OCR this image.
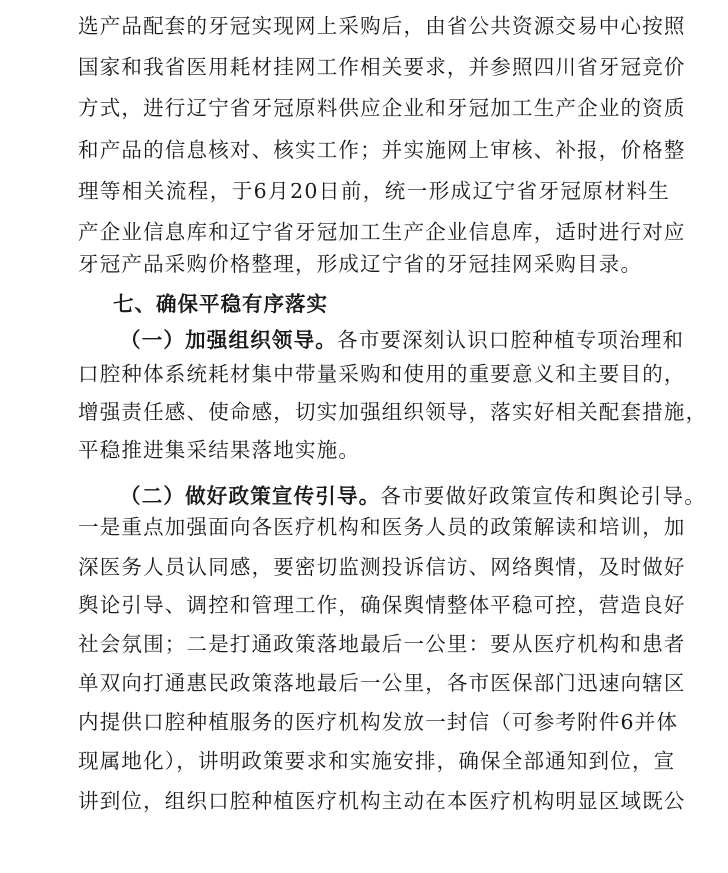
选产品配套的牙冠实现网上采购后，由省公共资源交易中心按照
国家和我省医用耗材挂网工作相关要求，并参照四川省牙冠竞价
方式，进行辽宁省牙冠原料供应企业和牙冠加工生产企业的资质
和产品的信息核对、核实工作；并实施网上审核、补报，价格整
理等相关流程，于6月20日前，统一形成辽宁省牙冠原材料生
产企业信息库和辽宁省牙冠加工生产企业信息库，适时进行对应
牙冠产品采购价格整理，形成辽宁省的牙冠挂网采购目录。
七、确保平稳有序落实
（一）加强组织领导。各市要深刻认识口腔种植专项治理和
口腔种体系统耗材集中带量采购和使用的重要意义和主要目的，
增强责任感、使命感，切实加强组织领导，落实好相关配套措施，
平稳推进集采结果落地实施。
（二）做好政策宣传引导。各市要做好政策宣传和舆论引导。
一是重点加强面向各医疗机构和医务人员的政策解读和培训，加
深医务人员认同感，要密切监测投诉信访、网络舆情，及时做好
舆论引导、调控和管理工作，确保舆情整体平稳可控，营造良好
社会氛围；二是打通政策落地最后一公里：要从医疗机构和患者
单双向打通惠民政策落地最后一公里，各市医保部门迅速向辖区
内提供口腔种植服务的医疗机构发放一封信（可参考附件6并体
现属地化），讲明政策要求和实施安排，确保全部通知到位，宣
讲到位，组织口腔种植医疗机构主动在本医疗机构明显区域既公
